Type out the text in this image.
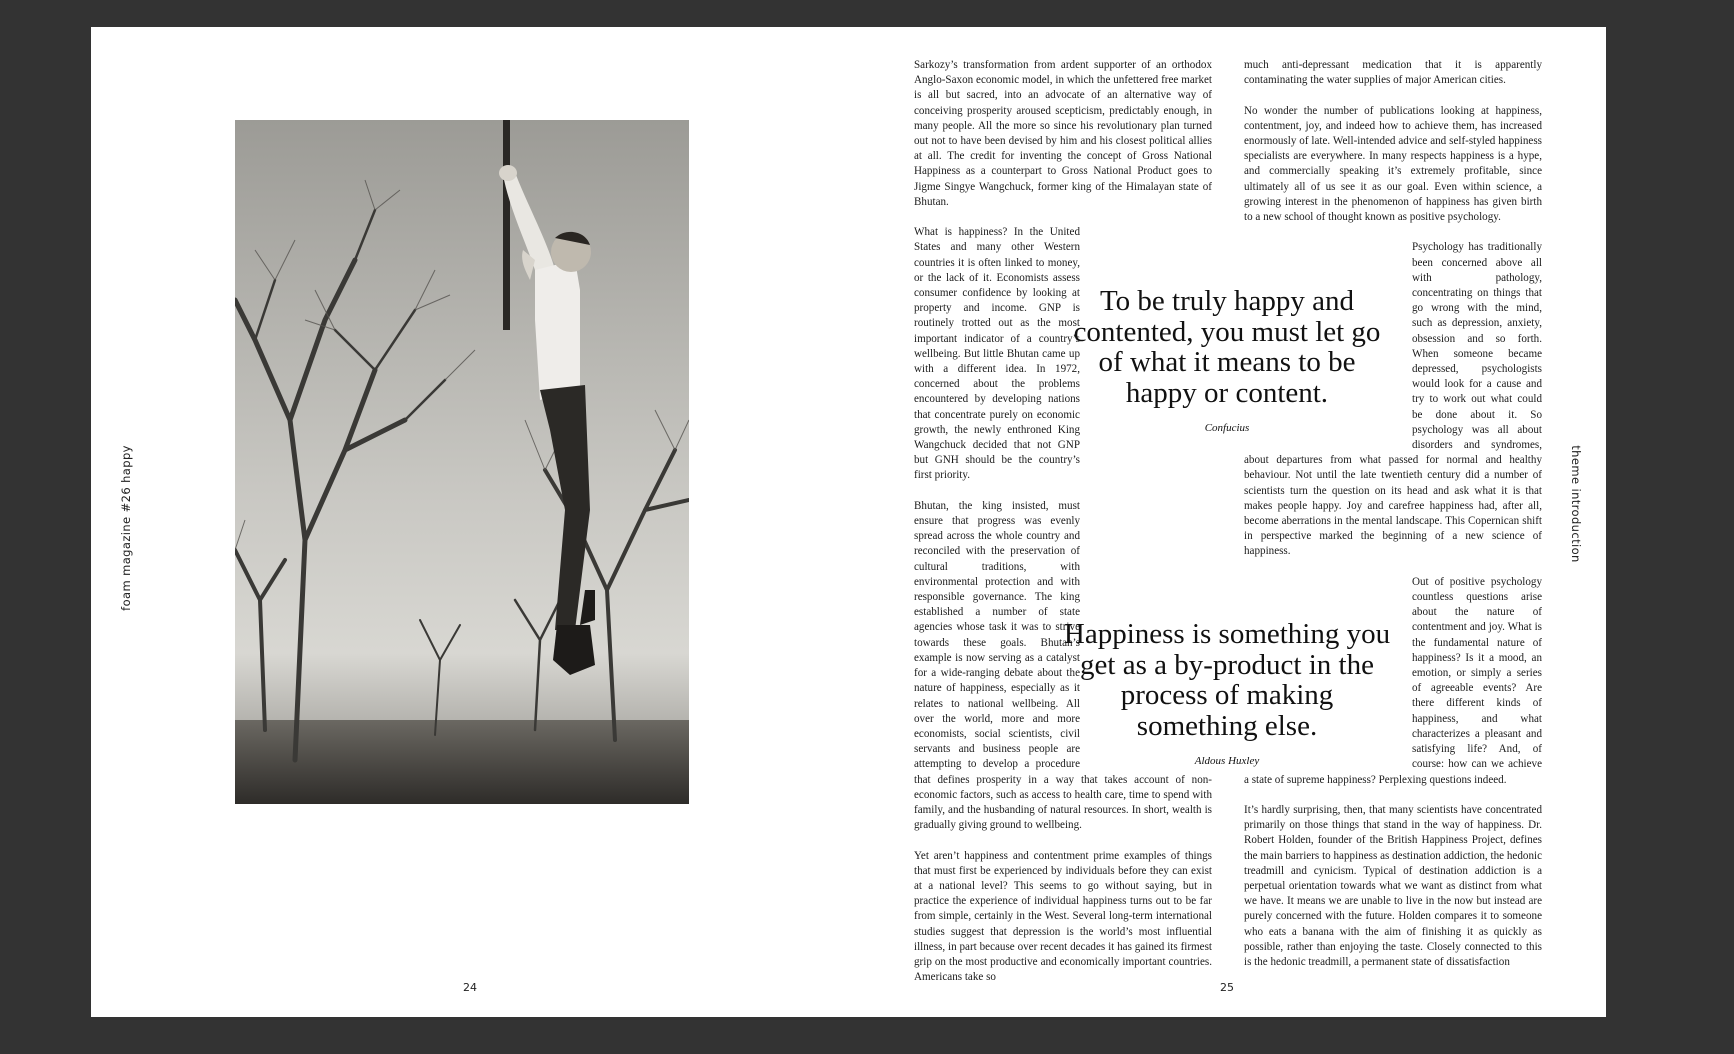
foam magazine #26 happy	theme introduction

Sarkozy’s transformation from ardent supporter of an orthodox Anglo-Saxon economic model, in which the unfettered free market is all but sacred, into an advocate of an alternative way of conceiving prosperity aroused scepticism, predictably enough, in many people. All the more so since his revolutionary plan turned out not to have been devised by him and his closest political allies at all. The credit for inventing the concept of Gross National Happiness as a counterpart to Gross National Product goes to Jigme Singye Wangchuck, former king of the Himalayan state of Bhutan.

What is happiness? In the United States and many other Western countries it is often linked to money, or the lack of it. Economists assess consumer confidence by looking at property and income. GNP is routinely trotted out as the most important indicator of a country’s wellbeing. But little Bhutan came up with a different idea. In 1972, concerned about the problems encountered by developing nations that concentrate purely on economic growth, the newly enthroned King Wangchuck decided that not GNP but GNH should be the country’s first priority.

Bhutan, the king insisted, must ensure that progress was evenly spread across the whole country and reconciled with the preservation of cultural traditions, with environmental protection and with responsible governance. The king established a number of state agencies whose task it was to strive towards these goals. Bhutan’s example is now serving as a catalyst for a wide-ranging debate about the nature of happiness, especially as it relates to national wellbeing. All over the world, more and more economists, social scientists, civil servants and business people are attempting to develop a procedure that defines prosperity in a way that takes account of non-economic factors, such as access to health care, time to spend with family, and the husbanding of natural resources. In short, wealth is gradually giving ground to wellbeing.

Yet aren’t happiness and contentment prime examples of things that must first be experienced by individuals before they can exist at a national level? This seems to go without saying, but in practice the experience of individual happiness turns out to be far from simple, certainly in the West. Several long-term international studies suggest that depression is the world’s most influential illness, in part because over recent decades it has gained its firmest grip on the most productive and economically important countries. Americans take so

much anti-depressant medication that it is apparently contaminating the water supplies of major American cities.

No wonder the number of publications looking at happiness, contentment, joy, and indeed how to achieve them, has increased enormously of late. Well-intended advice and self-styled happiness specialists are everywhere. In many respects happiness is a hype, and commercially speaking it’s extremely profitable, since ultimately all of us see it as our goal. Even within science, a growing interest in the phenomenon of happiness has given birth to a new school of thought known as positive psychology.

Psychology has traditionally been concerned above all with pathology, concentrating on things that go wrong with the mind, such as depression, anxiety, obsession and so forth. When someone became depressed, psychologists would look for a cause and try to work out what could be done about it. So psychology was all about disorders and syndromes, about departures from what passed for normal and healthy behaviour. Not until the late twentieth century did a number of scientists turn the question on its head and ask what it is that makes people happy. Joy and carefree happiness had, after all, become aberrations in the mental landscape. This Copernican shift in perspective marked the beginning of a new science of happiness.

Out of positive psychology countless questions arise about the nature of contentment and joy. What is the fundamental nature of happiness? Is it a mood, an emotion, or simply a series of agreeable events? Are there different kinds of happiness, and what characterizes a pleasant and satisfying life? And, of course: how can we achieve a state of supreme happiness? Perplexing questions indeed.

It’s hardly surprising, then, that many scientists have concentrated primarily on those things that stand in the way of happiness. Dr. Robert Holden, founder of the British Happiness Project, defines the main barriers to happiness as destination addiction, the hedonic treadmill and cynicism. Typical of destination addiction is a perpetual orientation towards what we want as distinct from what we have. It means we are unable to live in the now but instead are purely concerned with the future. Holden compares it to someone who eats a banana with the aim of finishing it as quickly as possible, rather than enjoying the taste. Closely connected to this is the hedonic treadmill, a permanent state of dissatisfaction

To be truly happy and contented, you must let go of what it means to be happy or content.
Confucius
Happiness is something you get as a by-product in the process of making something else.
Aldous Huxley
24	25
